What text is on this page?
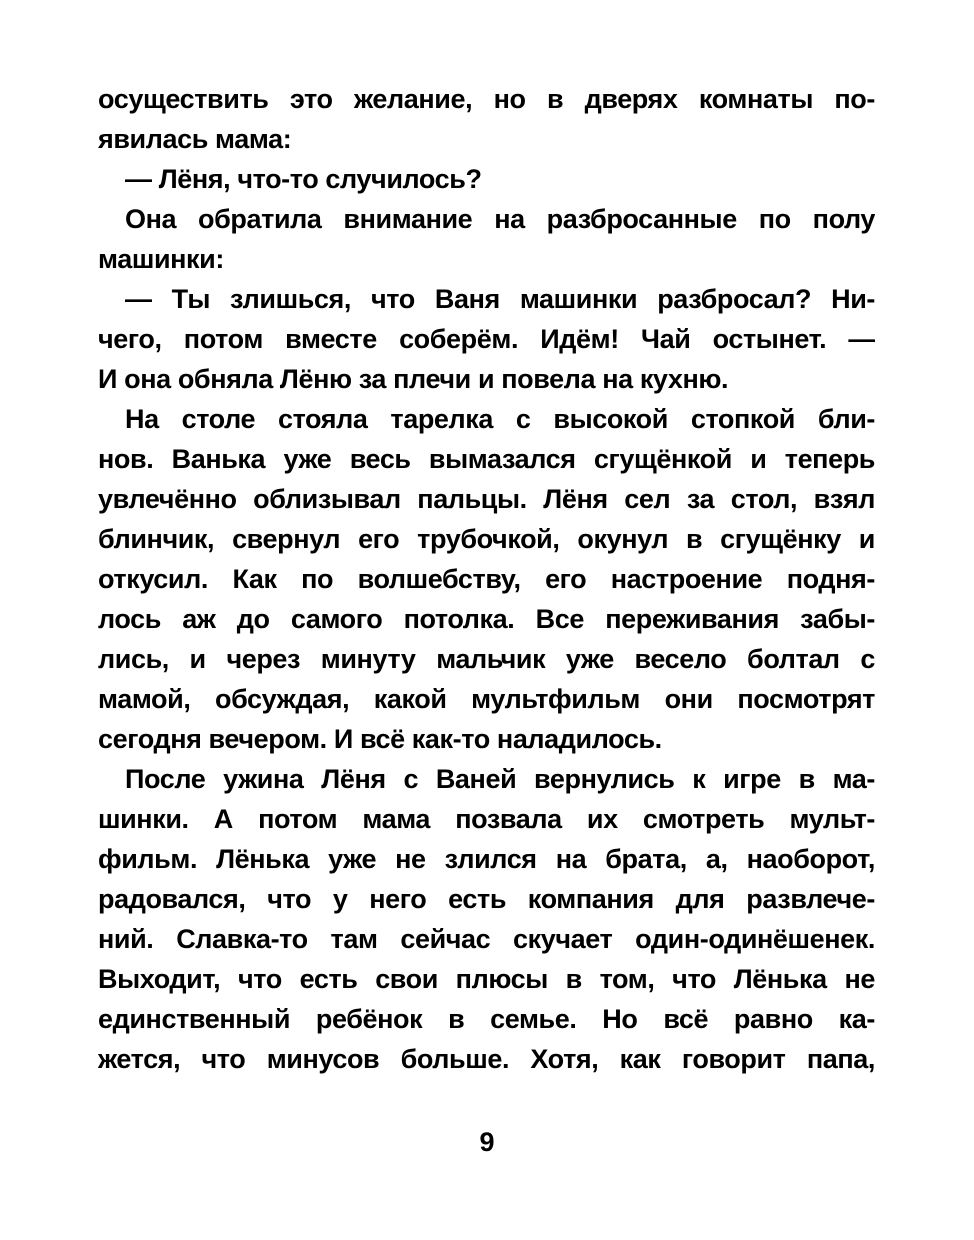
осуществить это желание, но в дверях комнаты по-
явилась мама:
— Лёня, что-то случилось?
Она обратила внимание на разбросанные по полу
машинки:
— Ты злишься, что Ваня машинки разбросал? Ни-
чего, потом вместе соберём. Идём! Чай остынет. —
И она обняла Лёню за плечи и повела на кухню.
На столе стояла тарелка с высокой стопкой бли-
нов. Ванька уже весь вымазался сгущёнкой и теперь
увлечённо облизывал пальцы. Лёня сел за стол, взял
блинчик, свернул его трубочкой, окунул в сгущёнку и
откусил. Как по волшебству, его настроение подня-
лось аж до самого потолка. Все переживания забы-
лись, и через минуту мальчик уже весело болтал с
мамой, обсуждая, какой мультфильм они посмотрят
сегодня вечером. И всё как-то наладилось.
После ужина Лёня с Ваней вернулись к игре в ма-
шинки. А потом мама позвала их смотреть мульт-
фильм. Лёнька уже не злился на брата, а, наоборот,
радовался, что у него есть компания для развлече-
ний. Славка-то там сейчас скучает один-одинёшенек.
Выходит, что есть свои плюсы в том, что Лёнька не
единственный ребёнок в семье. Но всё равно ка-
жется, что минусов больше. Хотя, как говорит папа,
9
